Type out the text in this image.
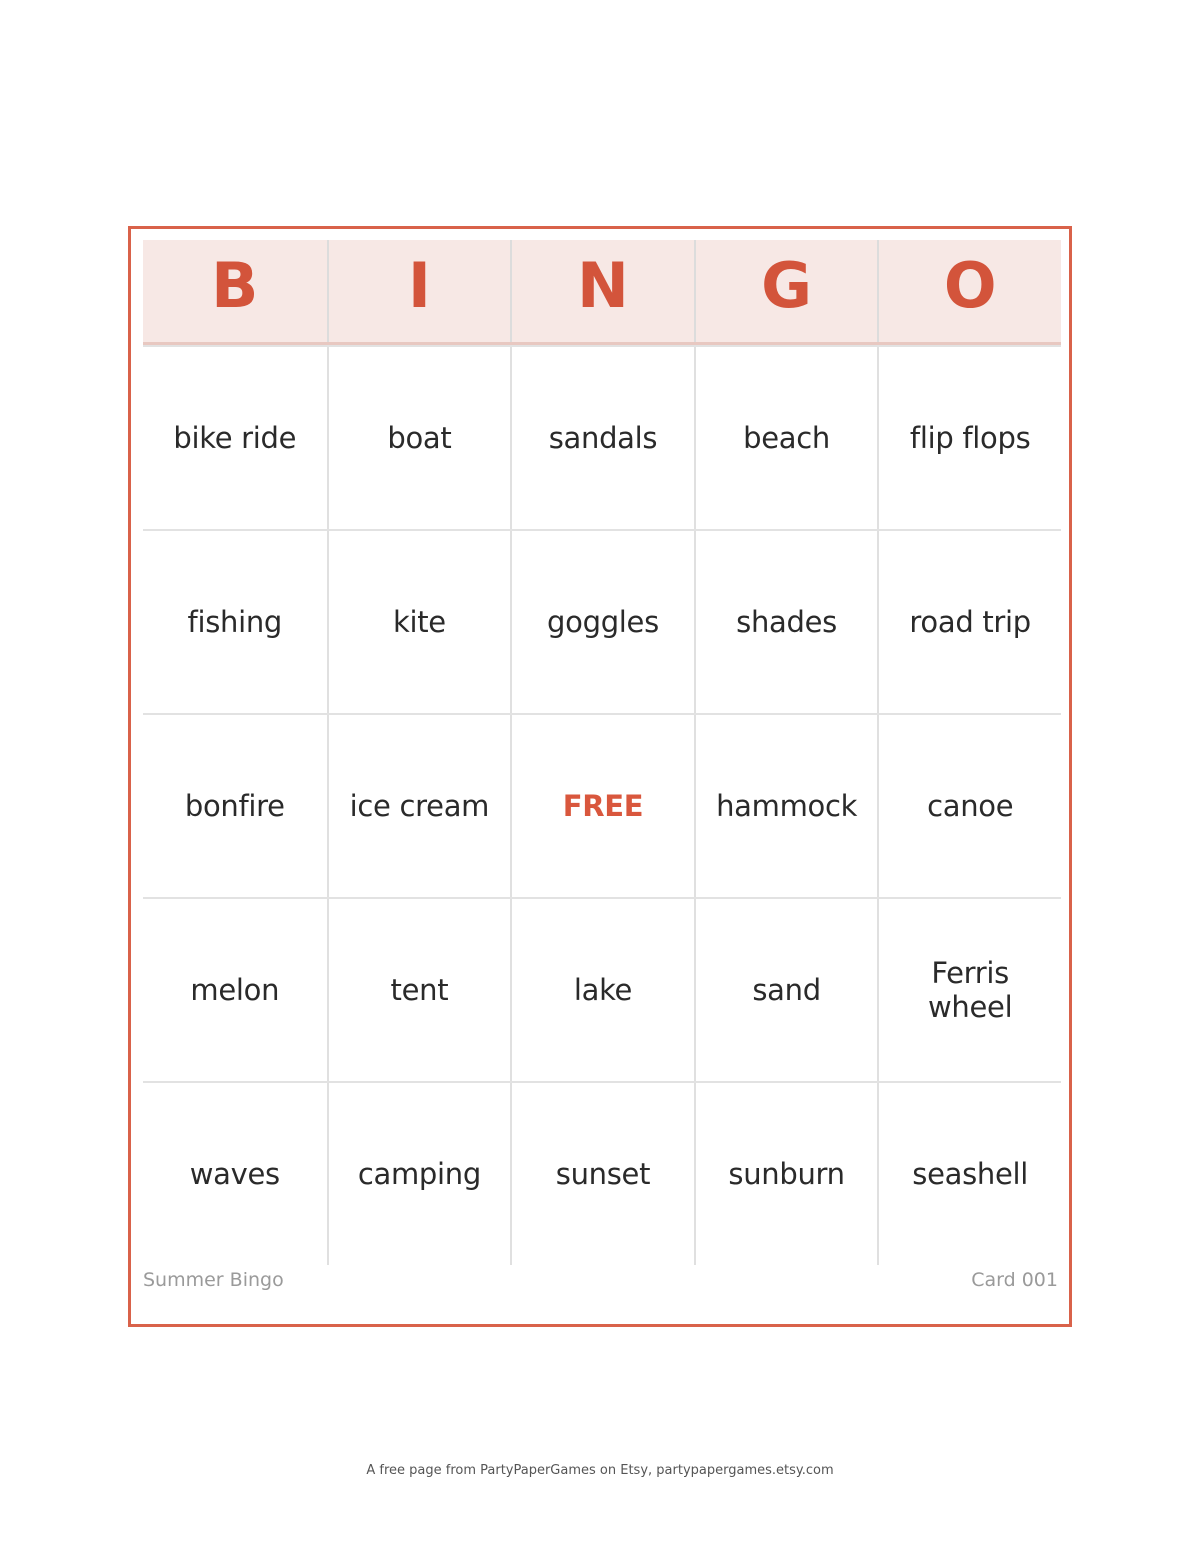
B	I	N	G	O
bike ride	boat	sandals	beach	flip flops
fishing	kite	goggles	shades	road trip
bonfire	ice cream	FREE	hammock	canoe
melon	tent	lake	sand	Ferris wheel
waves	camping	sunset	sunburn	seashell
Summer Bingo	Card 001
A free page from PartyPaperGames on Etsy, partypapergames.etsy.com
